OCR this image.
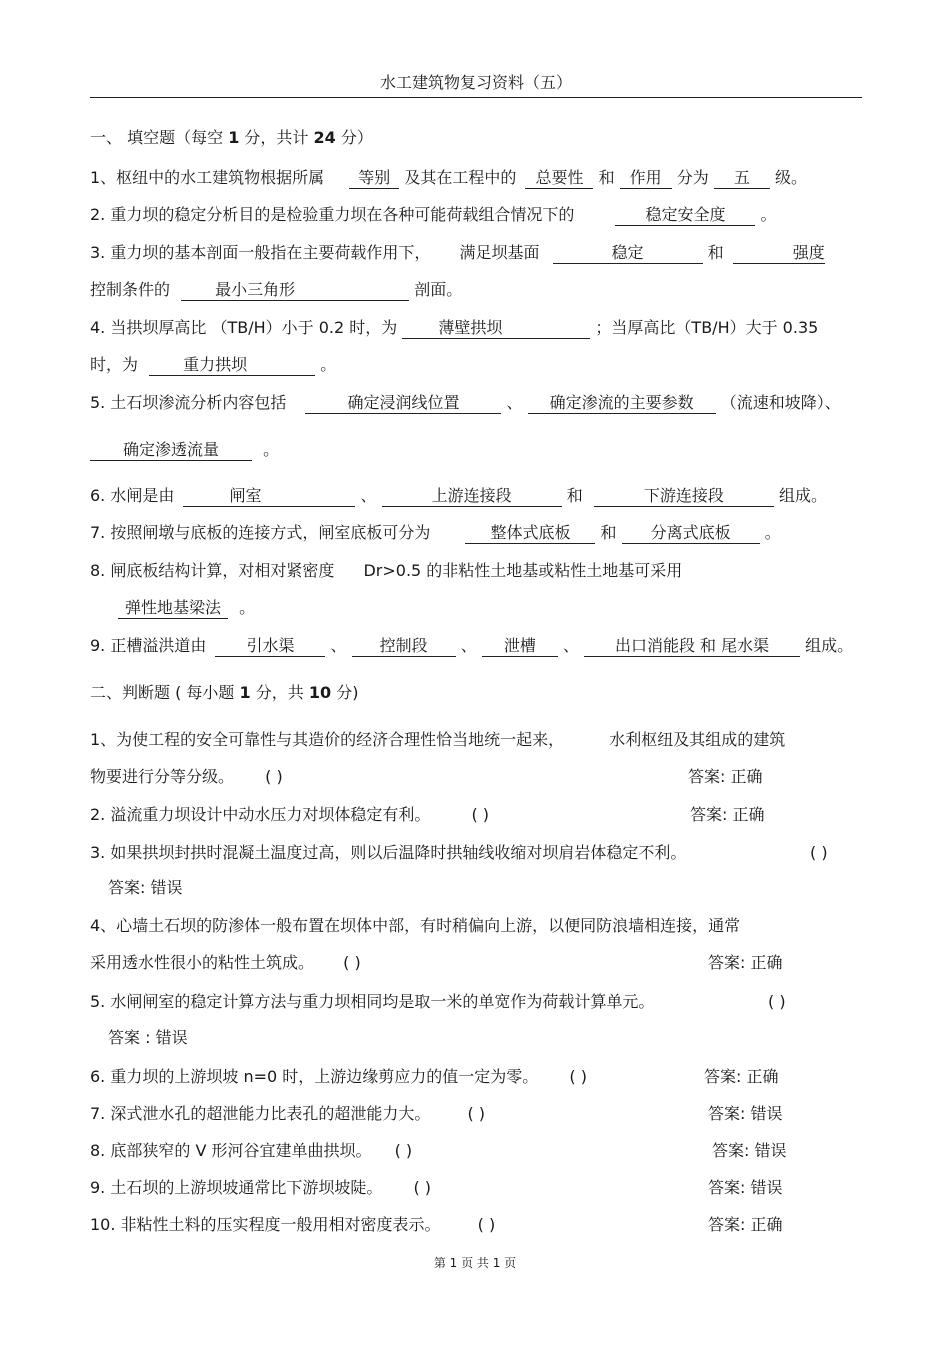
水工建筑物复习资料（五）
一、 填空题（每空 1 分，共计 24 分）
1、枢纽中的水工建筑物根据所属 等别 及其在工程中的 总要性 和 作用 分为 五 级。
2. 重力坝的稳定分析目的是检验重力坝在各种可能荷载组合情况下的	稳定安全度 。
3. 重力坝的基本剖面一般指在主要荷载作用下， 满足坝基面	稳定	和	强度
控制条件的	最小三角形	剖面。
4. 当拱坝厚高比 （TB/H）小于 0.2 时，为	薄壁拱坝	；当厚高比（TB/H）大于 0.35
时，为	重力拱坝	。
5. 土石坝渗流分析内容包括	确定浸润线位置	、 确定渗流的主要参数 （流速和坡降）、
确定渗透流量	。
6. 水闸是由	闸室	、	上游连接段	和	下游连接段	组成。
7. 按照闸墩与底板的连接方式，闸室底板可分为	整体式底板 和 分离式底板 。
8. 闸底板结构计算，对相对紧密度 Dr>0.5 的非粘性土地基或粘性土地基可采用
弹性地基梁法 。
9. 正槽溢洪道由	引水渠 、 控制段 、 泄槽 、 出口消能段 和 尾水渠 组成。
二、判断题 ( 每小题 1 分，共 10 分)
1、为使工程的安全可靠性与其造价的经济合理性恰当地统一起来，	水利枢纽及其组成的建筑
物要进行分等分级。 ( )	答案: 正确
2. 溢流重力坝设计中动水压力对坝体稳定有利。	( )	答案: 正确
3. 如果拱坝封拱时混凝土温度过高，则以后温降时拱轴线收缩对坝肩岩体稳定不利。	( )
答案: 错误
4、心墙土石坝的防渗体一般布置在坝体中部，有时稍偏向上游，以便同防浪墙相连接，通常
采用透水性很小的粘性土筑成。 ( )	答案: 正确
5. 水闸闸室的稳定计算方法与重力坝相同均是取一米的单宽作为荷载计算单元。	( )
答案 : 错误
6. 重力坝的上游坝坡 n=0 时，上游边缘剪应力的值一定为零。 ( )	答案: 正确
7. 深式泄水孔的超泄能力比表孔的超泄能力大。 ( )	答案: 错误
8. 底部狭窄的 V 形河谷宜建单曲拱坝。 ( )	答案: 错误
9. 土石坝的上游坝坡通常比下游坝坡陡。 ( )	答案: 错误
10. 非粘性土料的压实程度一般用相对密度表示。 ( )	答案: 正确
第 1 页 共 1 页
